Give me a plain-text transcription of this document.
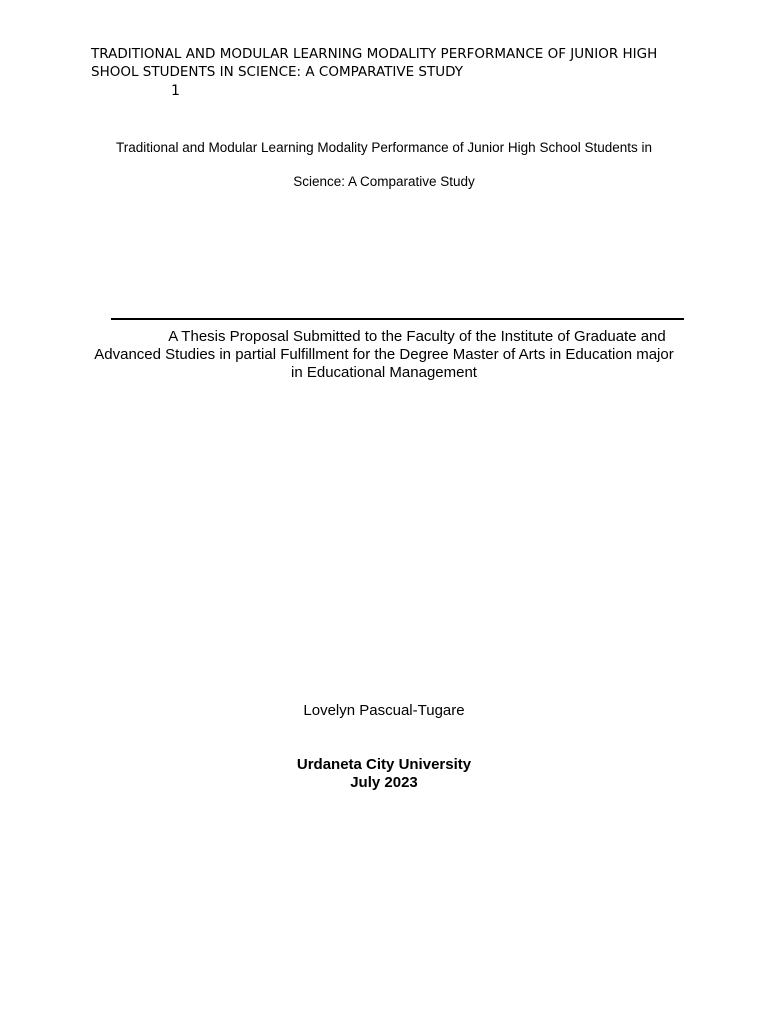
TRADITIONAL AND MODULAR LEARNING MODALITY PERFORMANCE OF JUNIOR HIGH SHOOL STUDENTS IN SCIENCE: A COMPARATIVE STUDY
1
Traditional and Modular Learning Modality Performance of Junior High School Students in
Science: A Comparative Study
A Thesis Proposal Submitted to the Faculty of the Institute of Graduate and Advanced Studies in partial Fulfillment for the Degree Master of Arts in Education major in Educational Management
Lovelyn Pascual-Tugare
Urdaneta City University
July 2023
